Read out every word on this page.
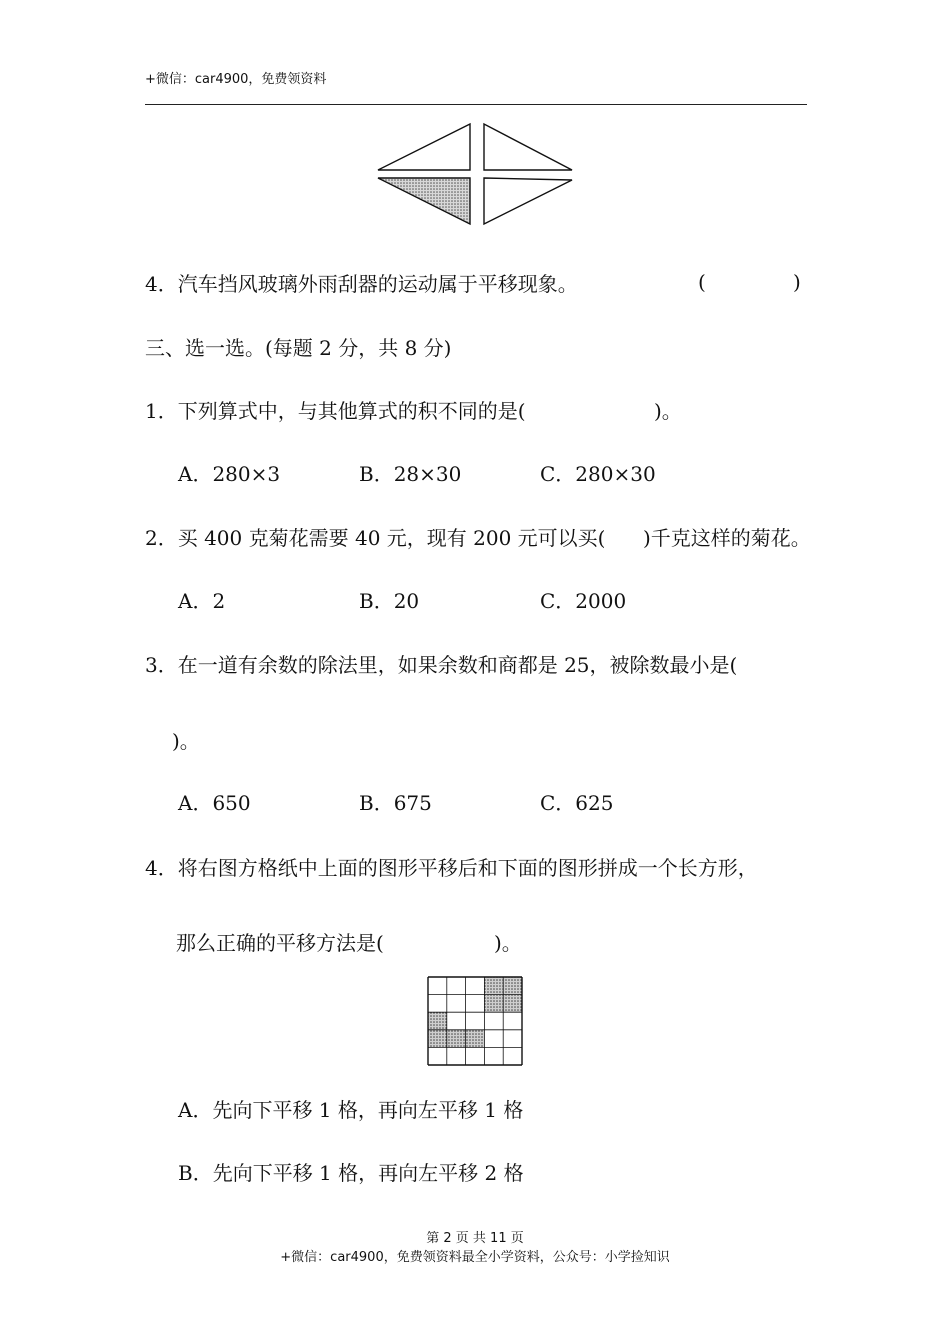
+微信：car4900，免费领资料
4．汽车挡风玻璃外雨刮器的运动属于平移现象。	(	)
三、选一选。(每题 2 分，共 8 分)
1．下列算式中，与其他算式的积不同的是(	)。
A．280×3	B．28×30	C．280×30
2．买 400 克菊花需要 40 元，现有 200 元可以买( )千克这样的菊花。
A．2	B．20	C．2000
3．在一道有余数的除法里，如果余数和商都是 25，被除数最小是(
)。
A．650	B．675	C．625
4．将右图方格纸中上面的图形平移后和下面的图形拼成一个长方形，
那么正确的平移方法是(	)。
A．先向下平移 1 格，再向左平移 1 格
B．先向下平移 1 格，再向左平移 2 格
第 2 页 共 11 页
+微信：car4900，免费领资料最全小学资料，公众号：小学捡知识
